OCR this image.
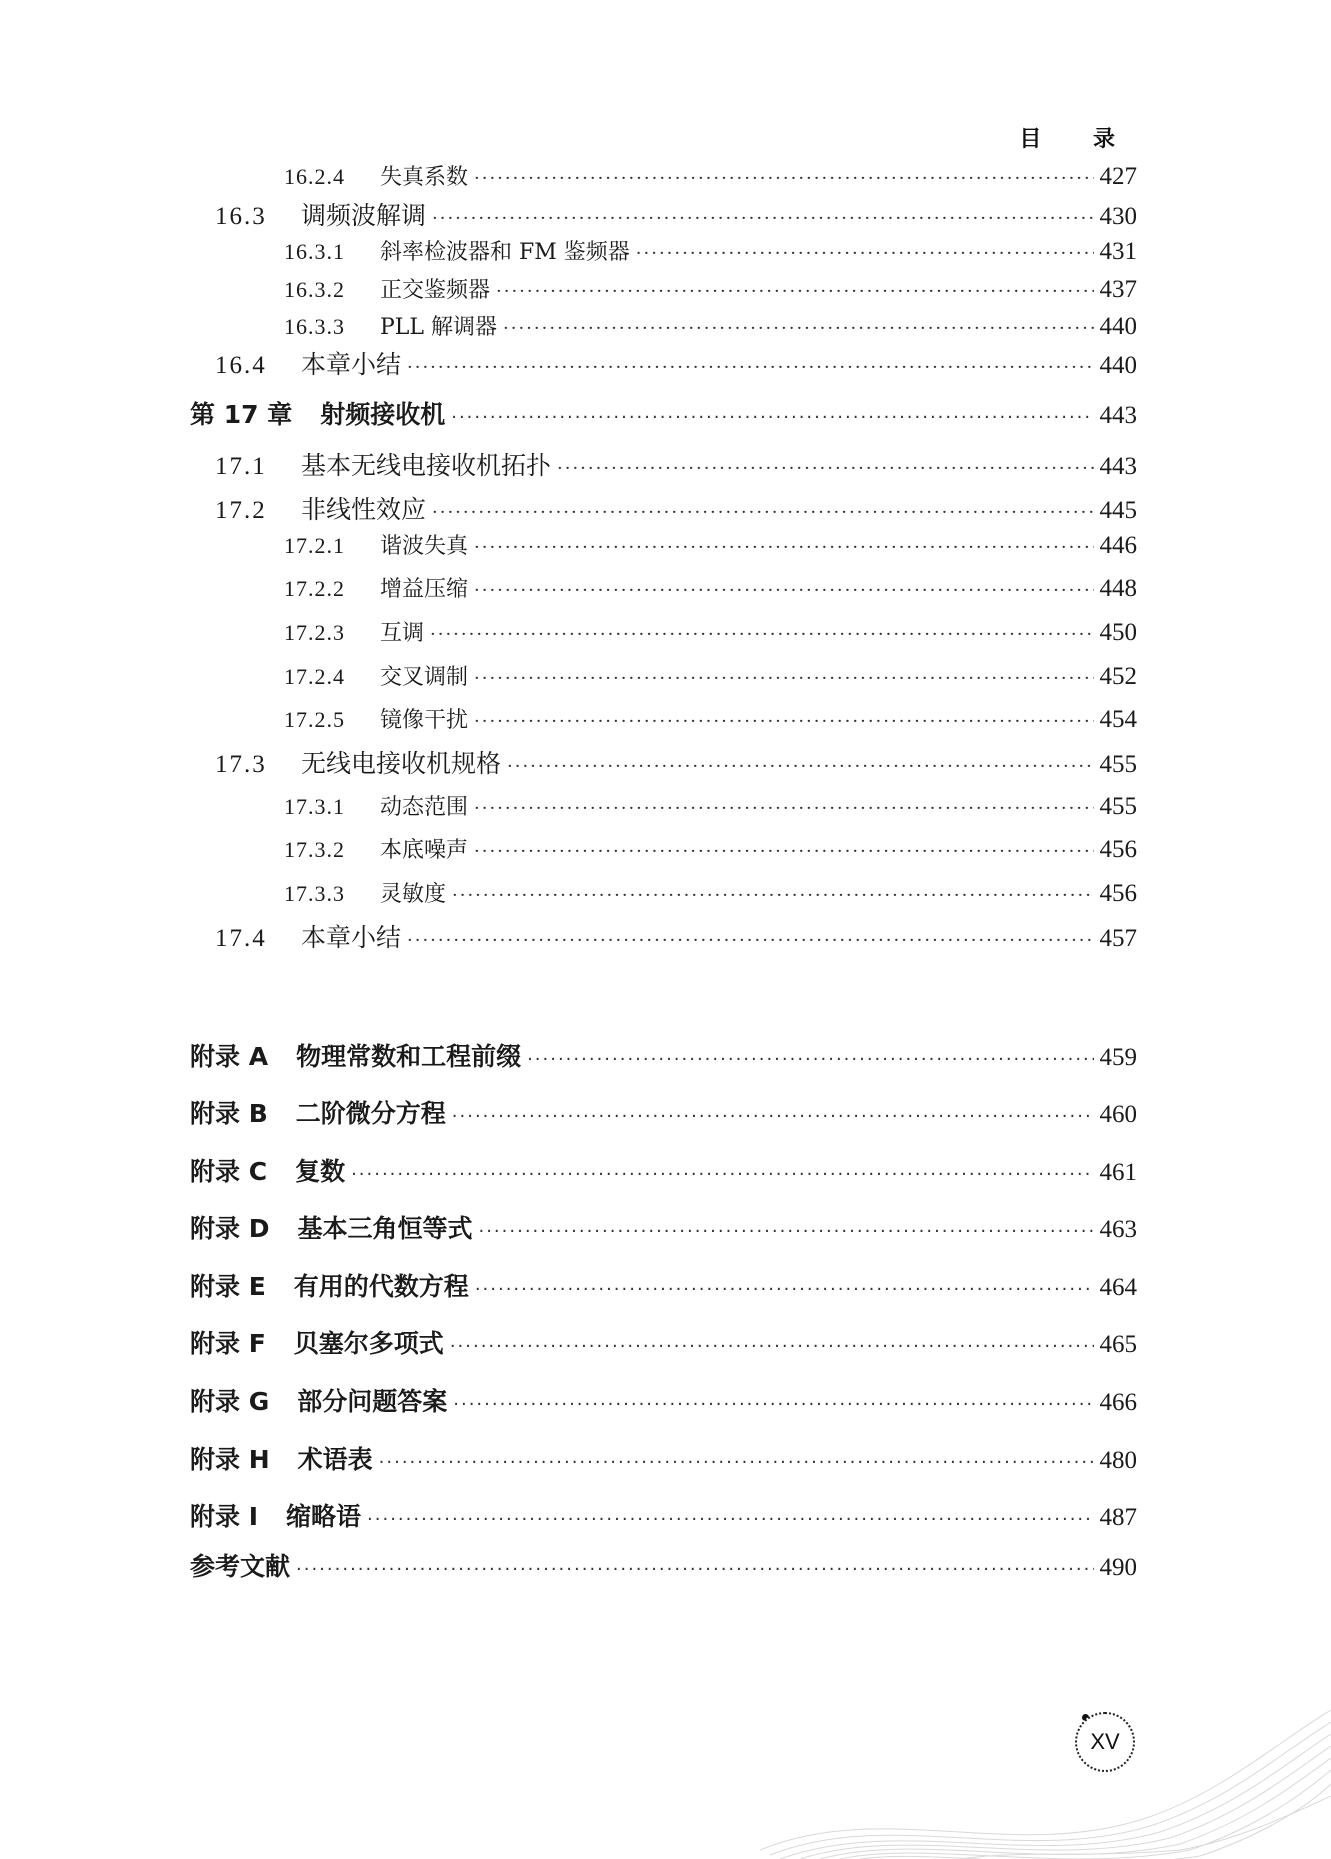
目 录
16.2.4 失真系数 ·····	427
16.3 调频波解调 ·····	430
16.3.1 斜率检波器和 FM 鉴频器 ·····	431
16.3.2 正交鉴频器 ·····	437
16.3.3 PLL 解调器 ·····	440
16.4 本章小结 ·····	440
第 17 章 射频接收机 ·····	443
17.1 基本无线电接收机拓扑 ·····	443
17.2 非线性效应 ·····	445
17.2.1 谐波失真 ·····	446
17.2.2 增益压缩 ·····	448
17.2.3 互调 ·····	450
17.2.4 交叉调制 ·····	452
17.2.5 镜像干扰 ·····	454
17.3 无线电接收机规格 ·····	455
17.3.1 动态范围 ·····	455
17.3.2 本底噪声 ·····	456
17.3.3 灵敏度 ·····	456
17.4 本章小结 ·····	457
附录 A 物理常数和工程前缀 ·····	459
附录 B 二阶微分方程 ·····	460
附录 C 复数 ·····	461
附录 D 基本三角恒等式 ·····	463
附录 E 有用的代数方程 ·····	464
附录 F 贝塞尔多项式 ·····	465
附录 G 部分问题答案 ·····	466
附录 H 术语表 ·····	480
附录 I 缩略语 ·····	487
参考文献 ·····	490
XV
